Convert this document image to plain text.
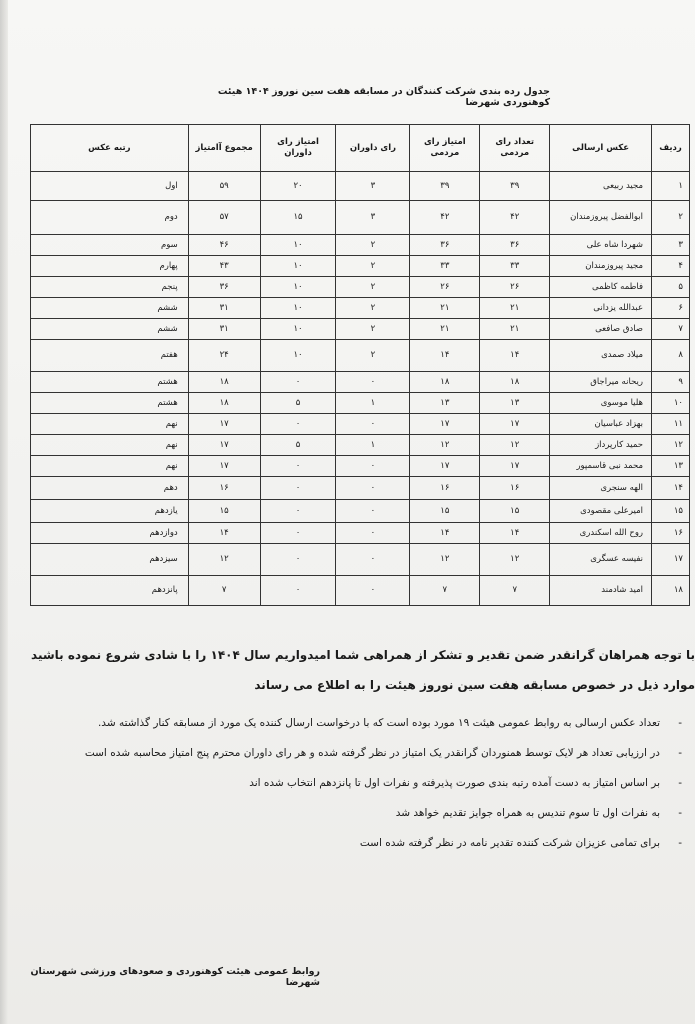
جدول رده بندی شرکت کنندگان در مسابقه هفت سین نوروز ۱۴۰۴ هیئت کوهنوردی شهرضا
ردیف	عکس ارسالی	تعداد رای مردمی	امتیاز رای مردمی	رای داوران	امتیاز رای داوران	مجموع آامتیاز	رتبه عکس
۱	مجید ربیعی	۳۹	۳۹	۳	۲۰	۵۹	اول
۲	ابوالفضل پیروزمندان	۴۲	۴۲	۳	۱۵	۵۷	دوم
۳	شهردا شاه علی	۳۶	۳۶	۲	۱۰	۴۶	سوم
۴	مجید پیروزمندان	۳۳	۳۳	۲	۱۰	۴۳	پهارم
۵	فاطمه کاظمی	۲۶	۲۶	۲	۱۰	۳۶	پنجم
۶	عبدالله یزدانی	۲۱	۲۱	۲	۱۰	۳۱	ششم
۷	صادق صافعی	۲۱	۲۱	۲	۱۰	۳۱	ششم
۸	میلاد صمدی	۱۴	۱۴	۲	۱۰	۲۴	هفتم
۹	ریحانه میراجاق	۱۸	۱۸	۰	۰	۱۸	هشتم
۱۰	هلیا موسوی	۱۳	۱۳	۱	۵	۱۸	هشتم
۱۱	بهزاد عباسیان	۱۷	۱۷	۰	۰	۱۷	نهم
۱۲	حمید کارپرداز	۱۲	۱۲	۱	۵	۱۷	نهم
۱۳	محمد نبی قاسمپور	۱۷	۱۷	۰	۰	۱۷	نهم
۱۴	الهه سنجری	۱۶	۱۶	۰	۰	۱۶	دهم
۱۵	امیرعلی مقصودی	۱۵	۱۵	۰	۰	۱۵	یازدهم
۱۶	روح الله اسکندری	۱۴	۱۴	۰	۰	۱۴	دوازدهم
۱۷	نفیسه عسگری	۱۲	۱۲	۰	۰	۱۲	سیزدهم
۱۸	امید شادمند	۷	۷	۰	۰	۷	پانزدهم
با توجه همراهان گرانقدر ضمن تقدیر و تشکر از همراهی شما امیدواریم سال ۱۴۰۴ را با شادی شروع نموده باشید
موارد ذیل در خصوص مسابقه هفت سین نوروز هیئت را به اطلاع می رساند
-
تعداد عکس ارسالی به روابط عمومی هیئت ۱۹ مورد بوده است که با درخواست ارسال کننده یک مورد از مسابقه کنار گذاشته شد.
-
در ارزیابی تعداد هر لایک توسط همنوردان گرانقدر یک امتیاز در نظر گرفته شده و هر رای داوران محترم پنج امتیاز محاسبه شده است
-
بر اساس امتیاز به دست آمده رتبه بندی صورت پذیرفته و نفرات اول تا پانزدهم انتخاب شده اند
-
به نفرات اول تا سوم تندیس به همراه جوایز تقدیم خواهد شد
-
برای تمامی عزیزان شرکت کننده تقدیر نامه در نظر گرفته شده است
روابط عمومی هیئت کوهنوردی و صعودهای ورزشی شهرستان شهرضا
